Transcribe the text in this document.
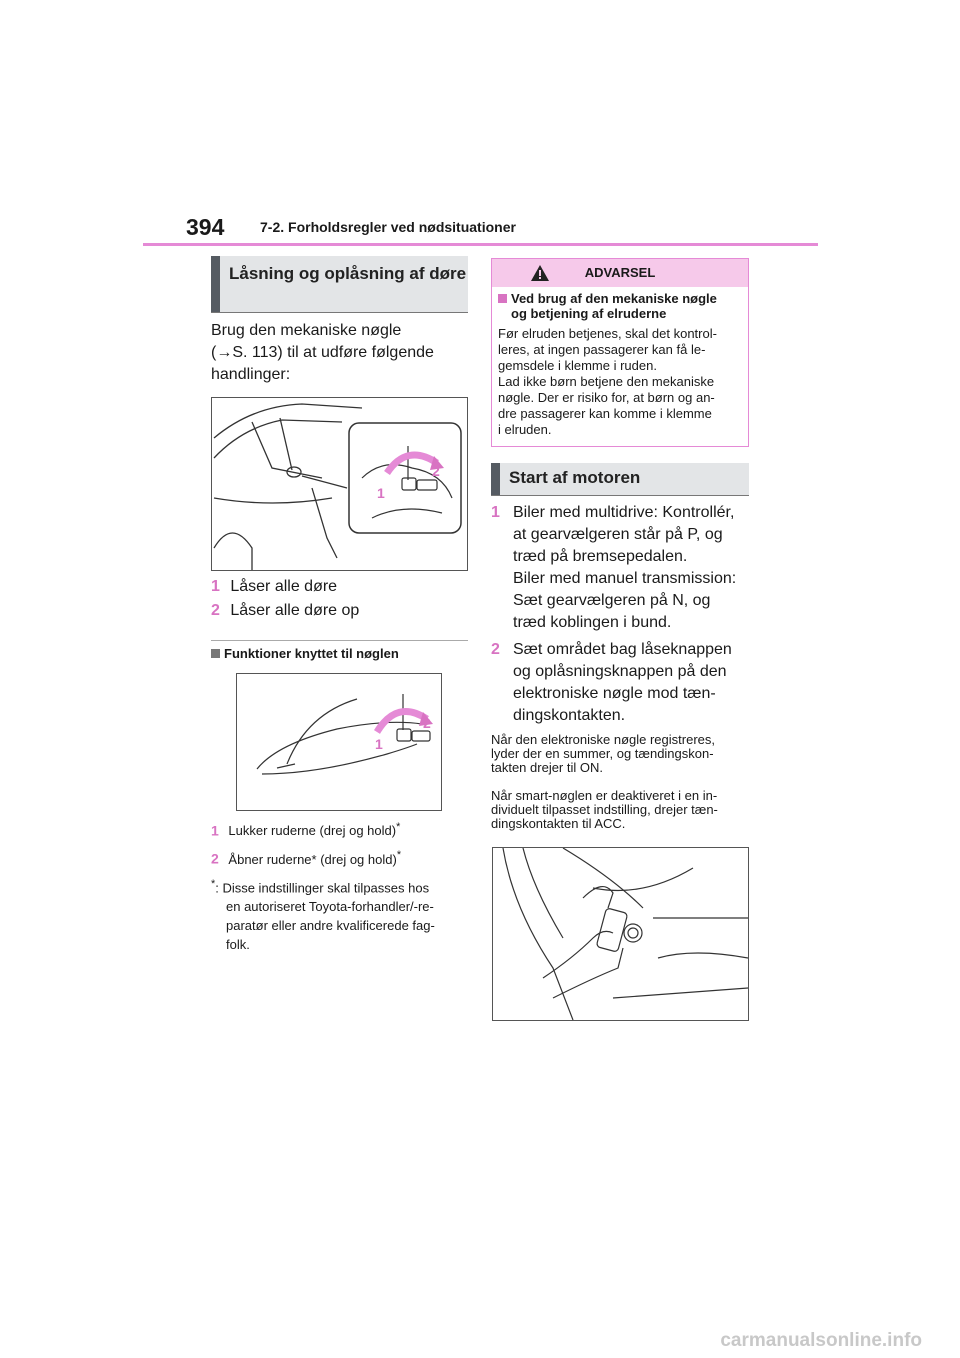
394	7-2. Forholdsregler ved nødsituationer
Låsning og oplåsning af døre
Brug den mekaniske nøgle
(→S. 113) til at udføre følgende
handlinger:
1
2
1 Låser alle døre
2 Låser alle døre op
Funktioner knyttet til nøglen
1
2
1 Lukker ruderne (drej og hold)*
2 Åbner ruderne* (drej og hold)*
*: Disse indstillinger skal tilpasses hos
en autoriseret Toyota-forhandler/-re-
paratør eller andre kvalificerede fag-
folk.
ADVARSEL
Ved brug af den mekaniske nøgle
og betjening af elruderne
Før elruden betjenes, skal det kontrol-
leres, at ingen passagerer kan få le-
gemsdele i klemme i ruden.
Lad ikke børn betjene den mekaniske
nøgle. Der er risiko for, at børn og an-
dre passagerer kan komme i klemme
i elruden.
Start af motoren
1 Biler med multidrive: Kontrollér,
at gearvælgeren står på P, og
træd på bremsepedalen.
Biler med manuel transmission:
Sæt gearvælgeren på N, og
træd koblingen i bund.
2 Sæt området bag låseknappen
og oplåsningsknappen på den
elektroniske nøgle mod tæn-
dingskontakten.
Når den elektroniske nøgle registreres,
lyder der en summer, og tændingskon-
takten drejer til ON.
Når smart-nøglen er deaktiveret i en in-
dividuelt tilpasset indstilling, drejer tæn-
dingskontakten til ACC.
carmanualsonline.info
